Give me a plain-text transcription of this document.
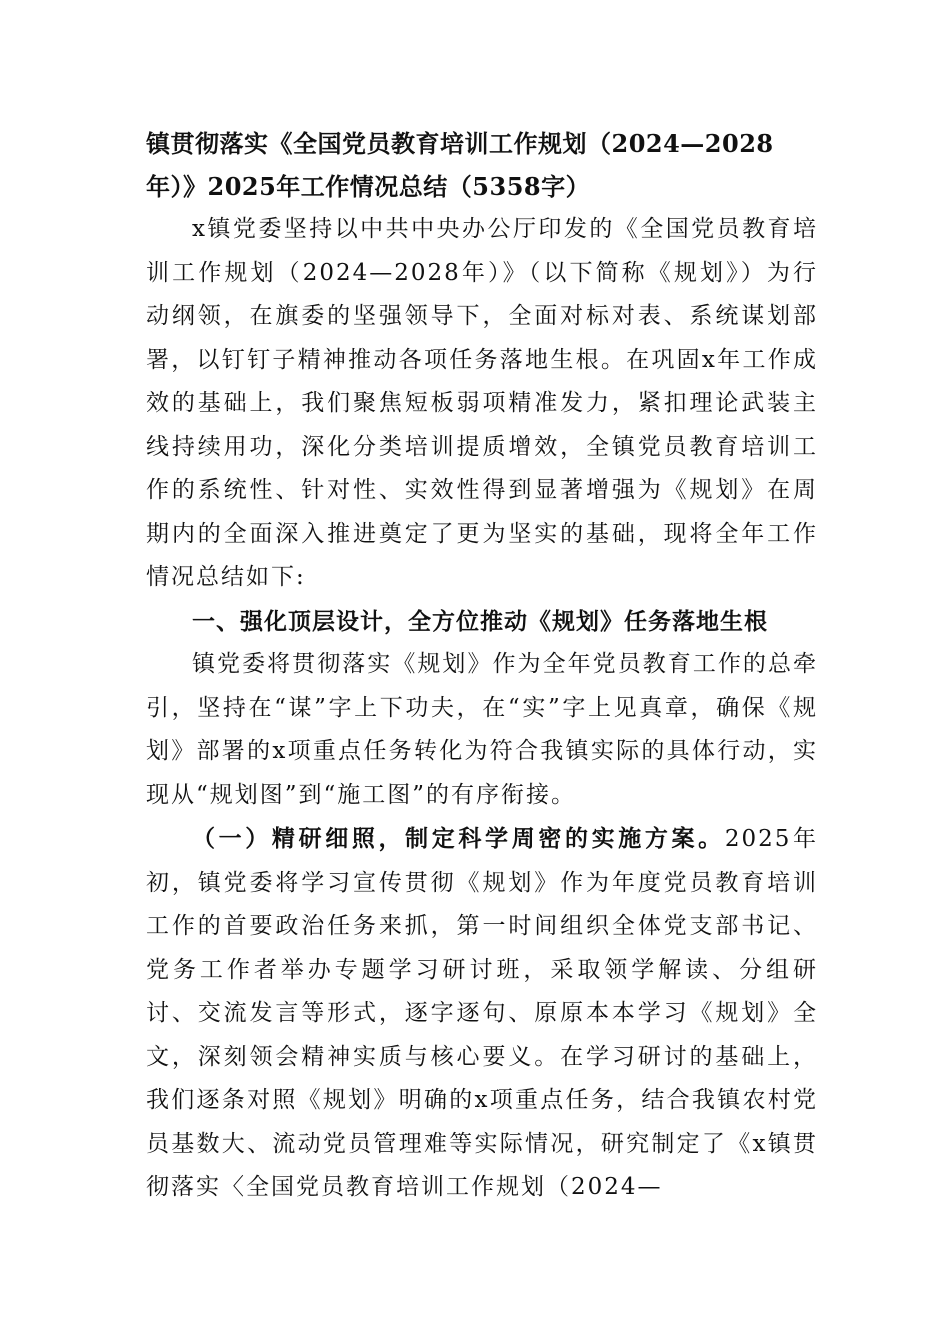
镇贯彻落实《全国党员教育培训工作规划（2024—2028年）》2025年工作情况总结（5358字）

x镇党委坚持以中共中央办公厅印发的《全国党员教育培训工作规划（2024—2028年）》（以下简称《规划》）为行动纲领，在旗委的坚强领导下，全面对标对表、系统谋划部署，以钉钉子精神推动各项任务落地生根。在巩固x年工作成效的基础上，我们聚焦短板弱项精准发力，紧扣理论武装主线持续用功，深化分类培训提质增效，全镇党员教育培训工作的系统性、针对性、实效性得到显著增强为《规划》在周期内的全面深入推进奠定了更为坚实的基础，现将全年工作情况总结如下:

一、强化顶层设计，全方位推动《规划》任务落地生根

镇党委将贯彻落实《规划》作为全年党员教育工作的总牵引，坚持在“谋”字上下功夫，在“实”字上见真章，确保《规划》部署的x项重点任务转化为符合我镇实际的具体行动，实现从“规划图”到“施工图”的有序衔接。

（一）精研细照，制定科学周密的实施方案。2025年初，镇党委将学习宣传贯彻《规划》作为年度党员教育培训工作的首要政治任务来抓，第一时间组织全体党支部书记、党务工作者举办专题学习研讨班，采取领学解读、分组研讨、交流发言等形式，逐字逐句、原原本本学习《规划》全文，深刻领会精神实质与核心要义。在学习研讨的基础上，我们逐条对照《规划》明确的x项重点任务，结合我镇农村党员基数大、流动党员管理难等实际情况，研究制定了《x镇贯彻落实〈全国党员教育培训工作规划（2024—
